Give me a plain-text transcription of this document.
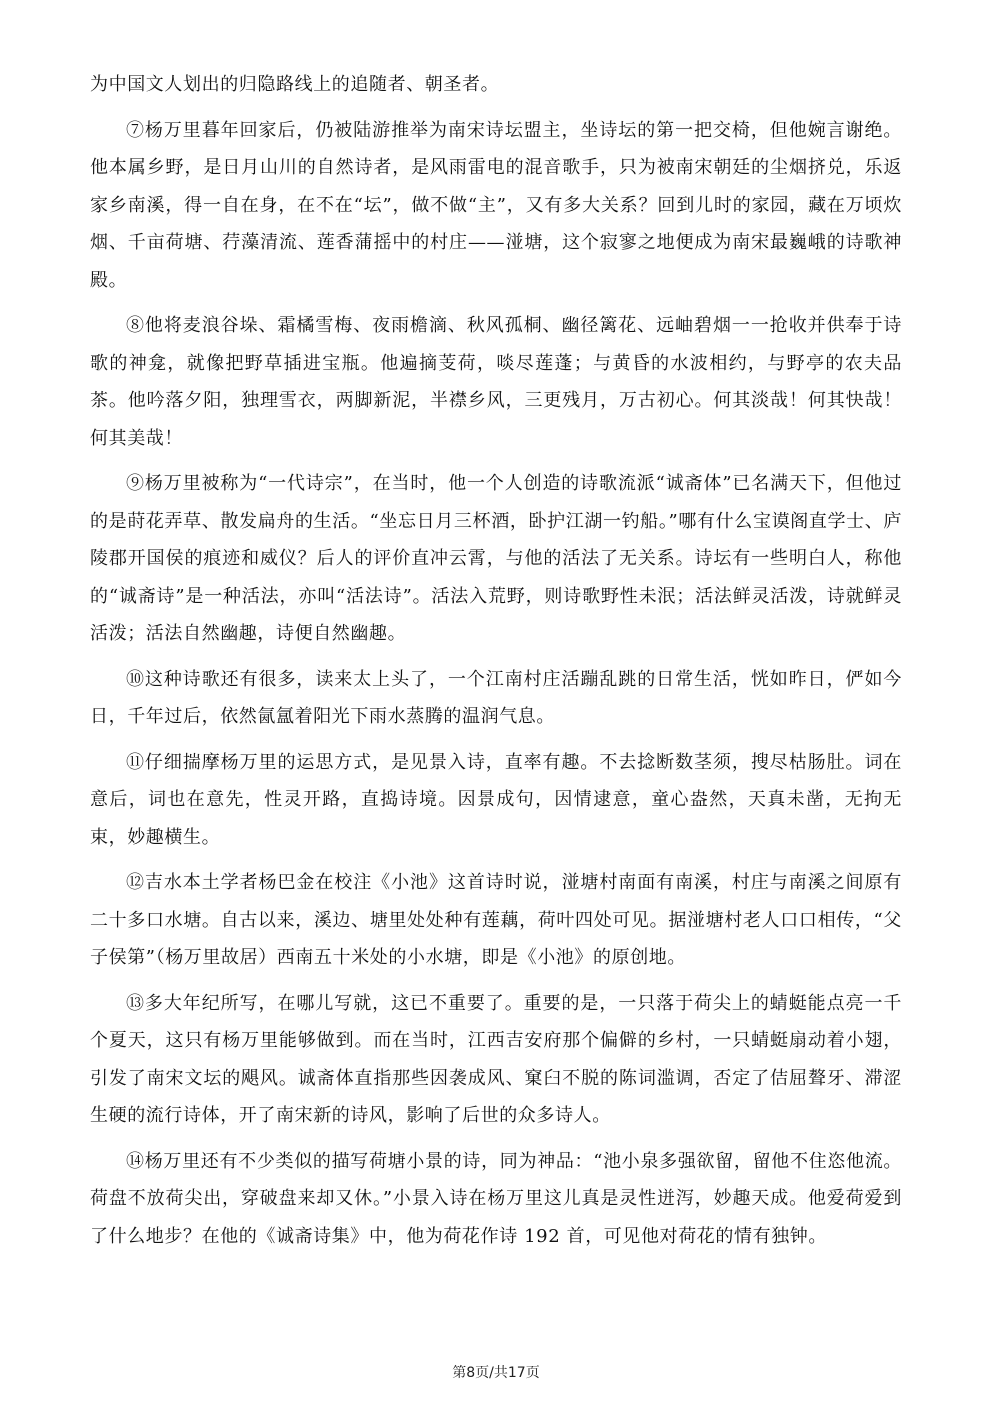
为中国文人划出的归隐路线上的追随者、朝圣者。

⑦杨万里暮年回家后，仍被陆游推举为南宋诗坛盟主，坐诗坛的第一把交椅，但他婉言谢绝。他本属乡野，是日月山川的自然诗者，是风雨雷电的混音歌手，只为被南宋朝廷的尘烟挤兑，乐返家乡南溪，得一自在身，在不在“坛”，做不做“主”，又有多大关系？回到儿时的家园，藏在万顷炊烟、千亩荷塘、荇藻清流、莲香蒲摇中的村庄——湴塘，这个寂寥之地便成为南宋最巍峨的诗歌神殿。

⑧他将麦浪谷垛、霜橘雪梅、夜雨檐滴、秋风孤桐、幽径篱花、远岫碧烟一一抢收并供奉于诗歌的神龛，就像把野草插进宝瓶。他遍摘芰荷，啖尽莲蓬；与黄昏的水波相约，与野亭的农夫品茶。他吟落夕阳，独理雪衣，两脚新泥，半襟乡风，三更残月，万古初心。何其淡哉！何其快哉！何其美哉！

⑨杨万里被称为“一代诗宗”，在当时，他一个人创造的诗歌流派“诚斋体”已名满天下，但他过的是莳花弄草、散发扁舟的生活。“坐忘日月三杯酒，卧护江湖一钓船。”哪有什么宝谟阁直学士、庐陵郡开国侯的痕迹和威仪？后人的评价直冲云霄，与他的活法了无关系。诗坛有一些明白人，称他的“诚斋诗”是一种活法，亦叫“活法诗”。活法入荒野，则诗歌野性未泯；活法鲜灵活泼，诗就鲜灵活泼；活法自然幽趣，诗便自然幽趣。

⑩这种诗歌还有很多，读来太上头了，一个江南村庄活蹦乱跳的日常生活，恍如昨日，俨如今日，千年过后，依然氤氲着阳光下雨水蒸腾的温润气息。

⑪仔细揣摩杨万里的运思方式，是见景入诗，直率有趣。不去捻断数茎须，搜尽枯肠肚。词在意后，词也在意先，性灵开路，直捣诗境。因景成句，因情逮意，童心盎然，天真未凿，无拘无束，妙趣横生。

⑫吉水本土学者杨巴金在校注《小池》这首诗时说，湴塘村南面有南溪，村庄与南溪之间原有二十多口水塘。自古以来，溪边、塘里处处种有莲藕，荷叶四处可见。据湴塘村老人口口相传，“父子侯第”（杨万里故居）西南五十米处的小水塘，即是《小池》的原创地。

⑬多大年纪所写，在哪儿写就，这已不重要了。重要的是，一只落于荷尖上的蜻蜓能点亮一千个夏天，这只有杨万里能够做到。而在当时，江西吉安府那个偏僻的乡村，一只蜻蜓扇动着小翅，引发了南宋文坛的飓风。诚斋体直指那些因袭成风、窠臼不脱的陈词滥调，否定了佶屈聱牙、滞涩生硬的流行诗体，开了南宋新的诗风，影响了后世的众多诗人。

⑭杨万里还有不少类似的描写荷塘小景的诗，同为神品：“池小泉多强欲留，留他不住恣他流。荷盘不放荷尖出，穿破盘来却又休。”小景入诗在杨万里这儿真是灵性迸泻，妙趣天成。他爱荷爱到了什么地步？在他的《诚斋诗集》中，他为荷花作诗 192 首，可见他对荷花的情有独钟。

第8页/共17页
